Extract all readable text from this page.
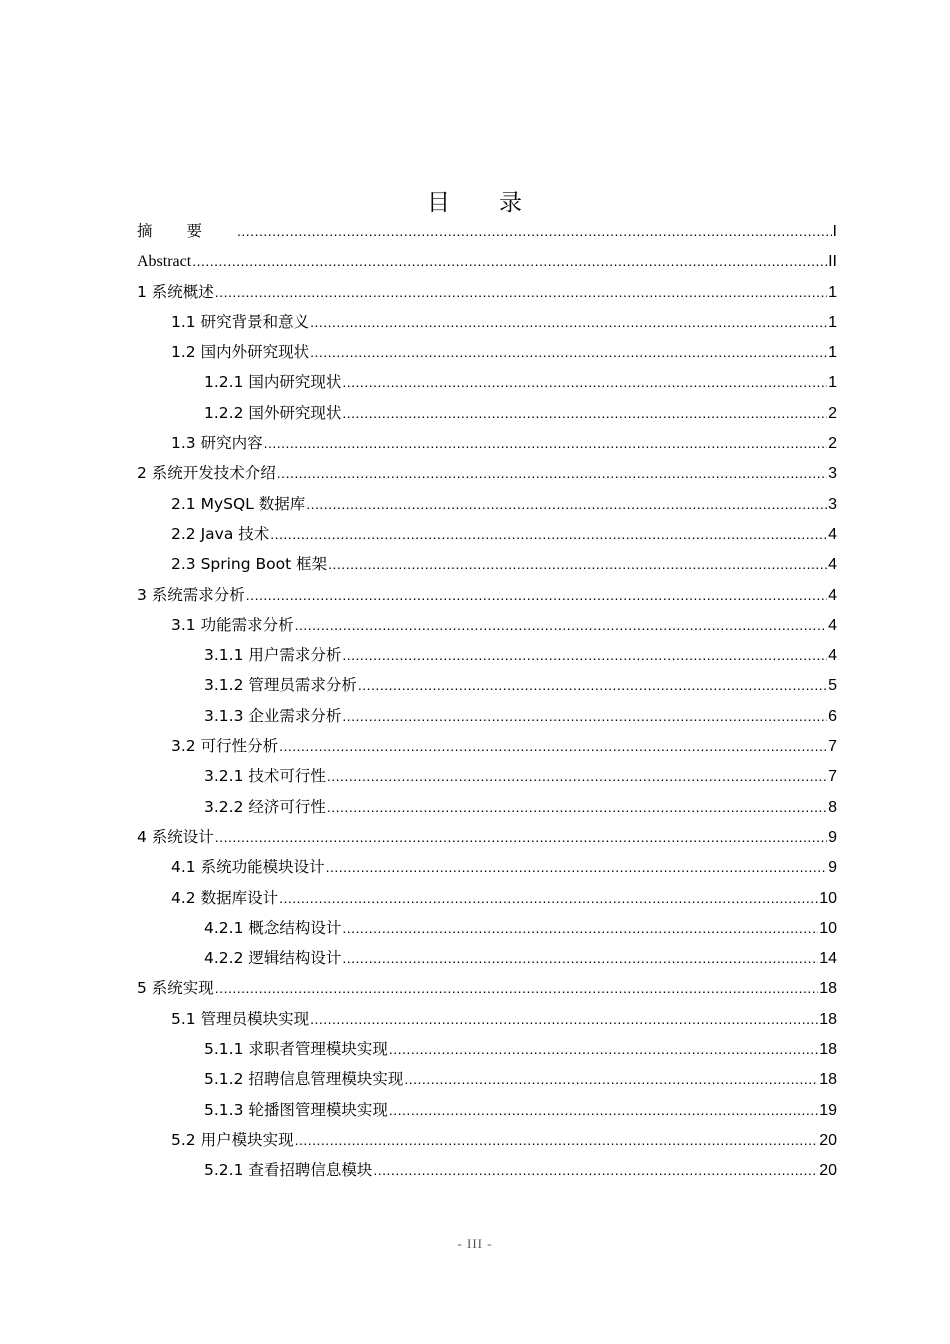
目　　录
摘要 .....	I
Abstract .....	II
1 系统概述 .....	1
1.1 研究背景和意义 .....	1
1.2 国内外研究现状 .....	1
1.2.1 国内研究现状 .....	1
1.2.2 国外研究现状 .....	2
1.3 研究内容 .....	2
2 系统开发技术介绍 .....	3
2.1 MySQL 数据库 .....	3
2.2 Java 技术 .....	4
2.3 Spring Boot 框架 .....	4
3 系统需求分析 .....	4
3.1 功能需求分析 .....	4
3.1.1 用户需求分析 .....	4
3.1.2 管理员需求分析 .....	5
3.1.3 企业需求分析 .....	6
3.2 可行性分析 .....	7
3.2.1 技术可行性 .....	7
3.2.2 经济可行性 .....	8
4 系统设计 .....	9
4.1 系统功能模块设计 .....	9
4.2 数据库设计 .....	10
4.2.1 概念结构设计 .....	10
4.2.2 逻辑结构设计 .....	14
5 系统实现 .....	18
5.1 管理员模块实现 .....	18
5.1.1 求职者管理模块实现 .....	18
5.1.2 招聘信息管理模块实现 .....	18
5.1.3 轮播图管理模块实现 .....	19
5.2 用户模块实现 .....	20
5.2.1 查看招聘信息模块 .....	20
- III -
